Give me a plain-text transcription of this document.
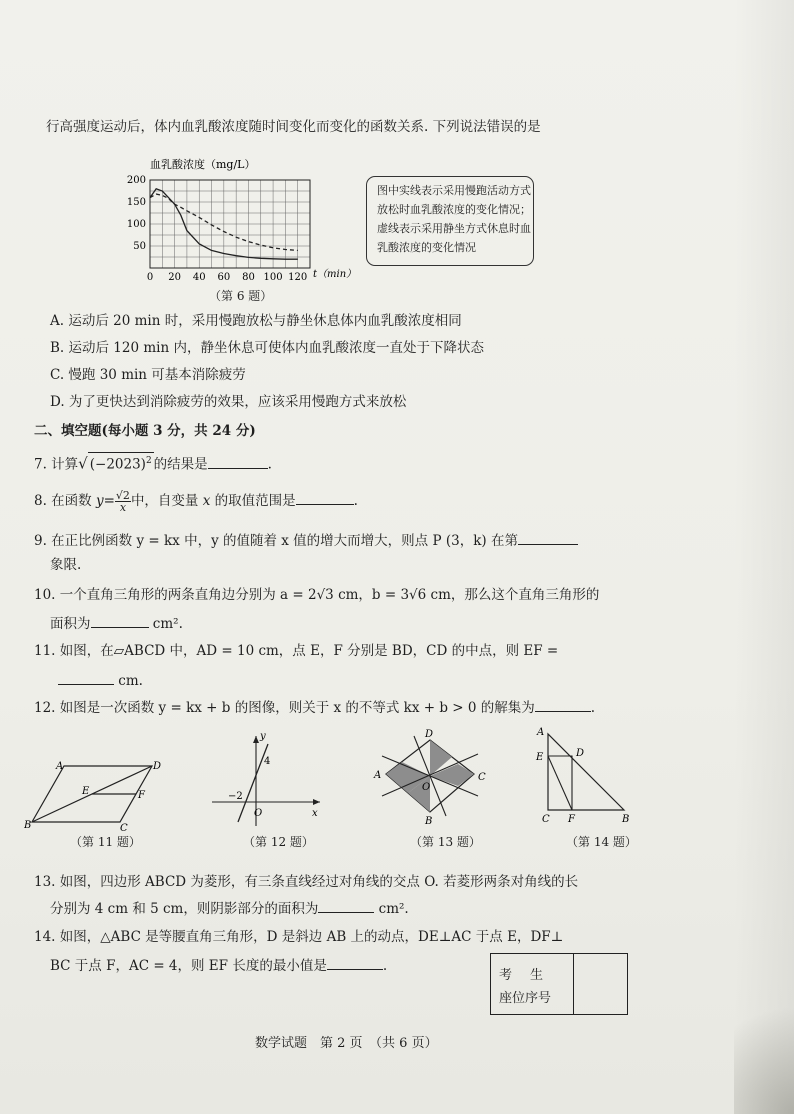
行高强度运动后，体内血乳酸浓度随时间变化而变化的函数关系. 下列说法错误的是
200
150
100
50
0 20 40 60 80 100 120
血乳酸浓度（mg/L）
t（min）
（第 6 题）
图中实线表示采用慢跑活动方式放松时血乳酸浓度的变化情况；虚线表示采用静坐方式休息时血乳酸浓度的变化情况
A. 运动后 20 min 时，采用慢跑放松与静坐休息体内血乳酸浓度相同
B. 运动后 120 min 内，静坐休息可使体内血乳酸浓度一直处于下降状态
C. 慢跑 30 min 可基本消除疲劳
D. 为了更快达到消除疲劳的效果，应该采用慢跑方式来放松
二、填空题(每小题 3 分，共 24 分)
7. 计算√ $(-2023)^2$ 的结果是	.
8. 在函数 $y= \frac{√2}{x}$ 中，自变量 x 的取值范围是	.
9. 在正比例函数 y = kx 中，y 的值随着 x 值的增大而增大，则点 P (3，k) 在第
象限.
10. 一个直角三角形的两条直角边分别为 a = 2√3 cm，b = 3√6 cm，那么这个直角三角形的
面积为	cm².
11. 如图，在▱ABCD 中，AD = 10 cm，点 E，F 分别是 BD，CD 的中点，则 EF =
cm.
12. 如图是一次函数 y = kx + b 的图像，则关于 x 的不等式 kx + b > 0 的解集为	.
A	D
B	C
E	F
（第 11 题）
y
x
O
4
−2
（第 12 题）
D
A	C
B
O
（第 13 题）
A
E	D
C F	B
（第 14 题）
13. 如图，四边形 ABCD 为菱形，有三条直线经过对角线的交点 O. 若菱形两条对角线的长
分别为 4 cm 和 5 cm，则阴影部分的面积为	cm².
14. 如图，△ABC 是等腰直角三角形，D 是斜边 AB 上的动点，DE⊥AC 于点 E，DF⊥
BC 于点 F，AC = 4，则 EF 长度的最小值是	.
考生
座位序号
数学试题　第 2 页　（共 6 页）
